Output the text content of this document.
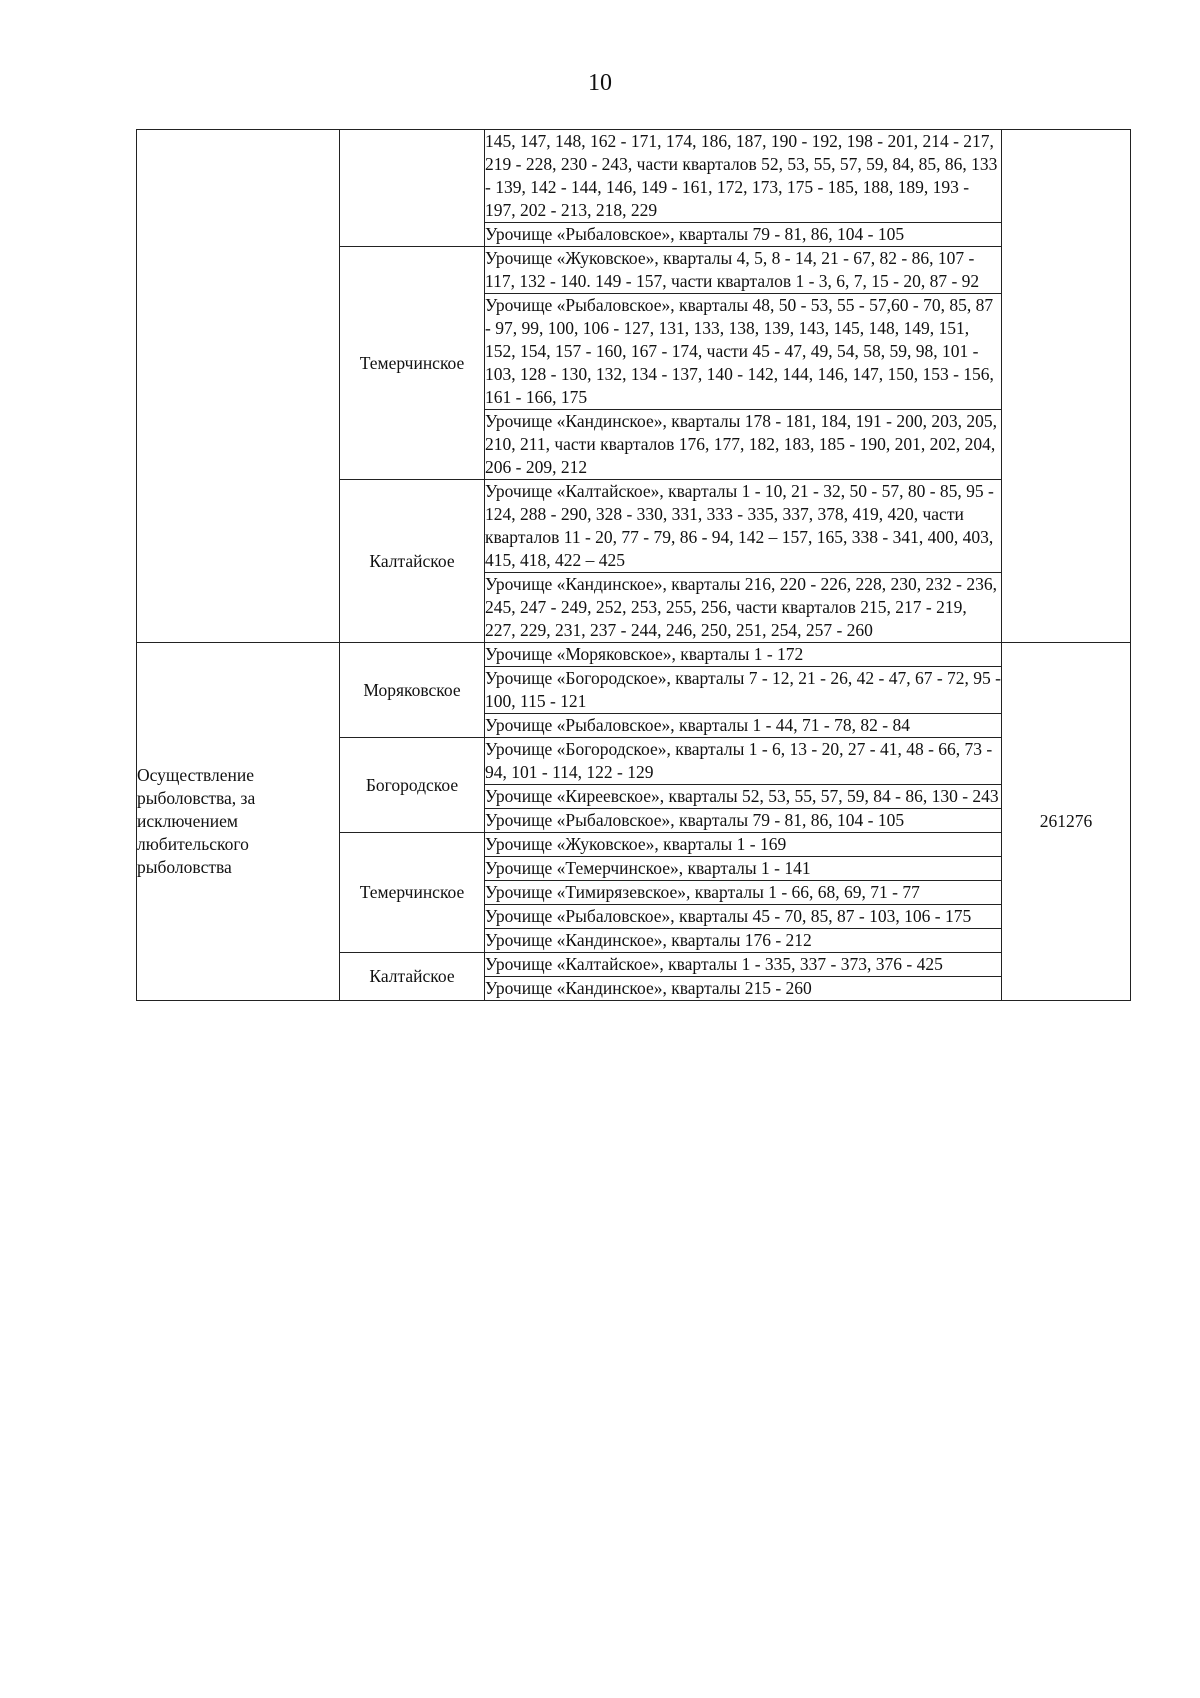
10
		145, 147, 148, 162 - 171, 174, 186, 187, 190 - 192, 198 - 201, 214 - 217, 219 - 228, 230 - 243, части кварталов 52, 53, 55, 57, 59, 84, 85, 86, 133 - 139, 142 - 144, 146, 149 - 161, 172, 173, 175 - 185, 188, 189, 193 - 197, 202 - 213, 218, 229	
		Урочище «Рыбаловское», кварталы 79 - 81, 86, 104 - 105	
	Темерчинское	Урочище «Жуковское», кварталы 4, 5, 8 - 14, 21 - 67, 82 - 86, 107 - 117, 132 - 140. 149 - 157, части кварталов 1 - 3, 6, 7, 15 - 20, 87 - 92	
		Урочище «Рыбаловское», кварталы 48, 50 - 53, 55 - 57,60 - 70, 85, 87 - 97, 99, 100, 106 - 127, 131, 133, 138, 139, 143, 145, 148, 149, 151, 152, 154, 157 - 160, 167 - 174, части 45 - 47, 49, 54, 58, 59, 98, 101 - 103, 128 - 130, 132, 134 - 137, 140 - 142, 144, 146, 147, 150, 153 - 156, 161 - 166, 175	
		Урочище «Кандинское», кварталы 178 - 181, 184, 191 - 200, 203, 205, 210, 211, части кварталов 176, 177, 182, 183, 185 - 190, 201, 202, 204, 206 - 209, 212	
	Калтайское	Урочище «Калтайское», кварталы 1 - 10, 21 - 32, 50 - 57, 80 - 85, 95 - 124, 288 - 290, 328 - 330, 331, 333 - 335, 337, 378, 419, 420, части кварталов 11 - 20, 77 - 79, 86 - 94, 142 – 157, 165, 338 - 341, 400, 403, 415, 418, 422 – 425	
		Урочище «Кандинское», кварталы 216, 220 - 226, 228, 230, 232 - 236, 245, 247 - 249, 252, 253, 255, 256, части кварталов 215, 217 - 219, 227, 229, 231, 237 - 244, 246, 250, 251, 254, 257 - 260	
Осуществление рыболовства, за исключением любительского рыболовства	Моряковское	Урочище «Моряковское», кварталы 1 - 172	261276
		Урочище «Богородское», кварталы 7 - 12, 21 - 26, 42 - 47, 67 - 72, 95 - 100, 115 - 121	
		Урочище «Рыбаловское», кварталы 1 - 44, 71 - 78, 82 - 84	
	Богородское	Урочище «Богородское», кварталы 1 - 6, 13 - 20, 27 - 41, 48 - 66, 73 - 94, 101 - 114, 122 - 129	
		Урочище «Киреевское», кварталы 52, 53, 55, 57, 59, 84 - 86, 130 - 243	
		Урочище «Рыбаловское», кварталы 79 - 81, 86, 104 - 105	
	Темерчинское	Урочище «Жуковское», кварталы 1 - 169	
		Урочище «Темерчинское», кварталы 1 - 141	
		Урочище «Тимирязевское», кварталы 1 - 66, 68, 69, 71 - 77	
		Урочище «Рыбаловское», кварталы 45 - 70, 85, 87 - 103, 106 - 175	
		Урочище «Кандинское», кварталы 176 - 212	
	Калтайское	Урочище «Калтайское», кварталы 1 - 335, 337 - 373, 376 - 425	
		Урочище «Кандинское», кварталы 215 - 260	
